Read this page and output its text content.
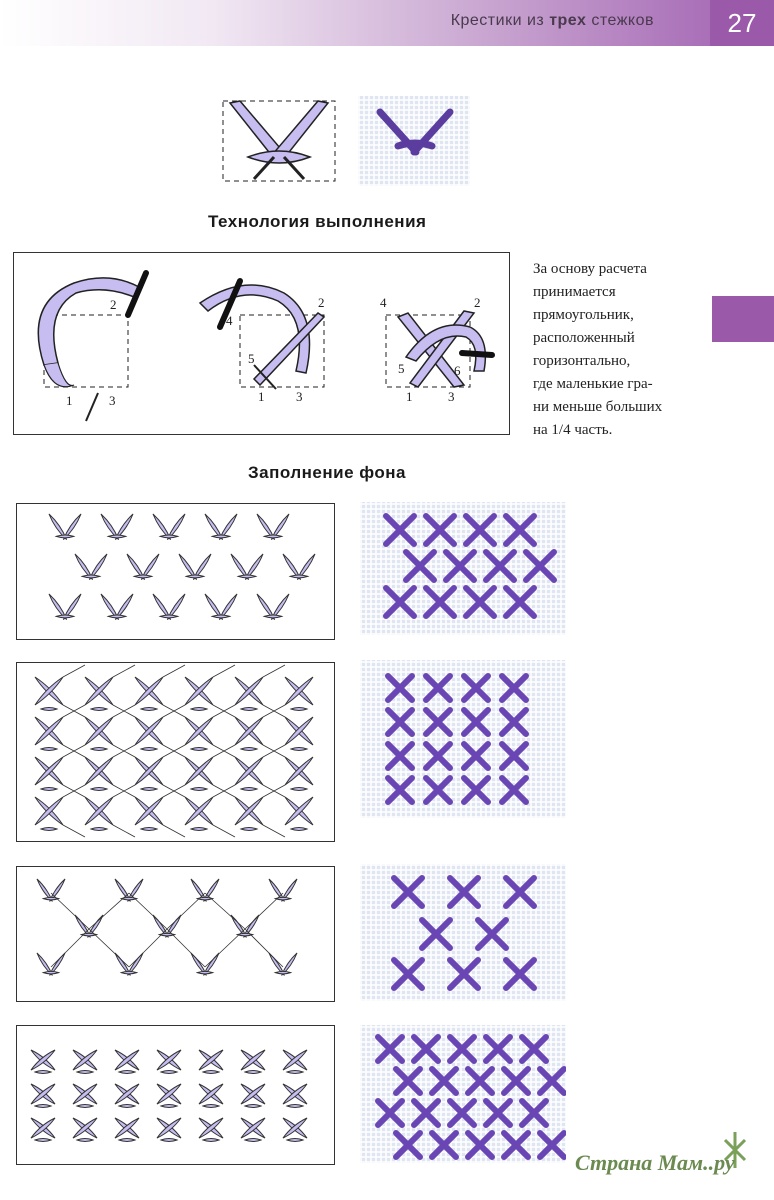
Крестики из трех стежков	27
Технология выполнения
2
1	3
4
2
5
1 3
4	2
5	6
1	3
За основу расчета
принимается
прямоугольник,
расположенный
горизонтально,
где маленькие гра-
ни меньше больших
на 1/4 часть.
Заполнение фона
Страна Мам..ру
